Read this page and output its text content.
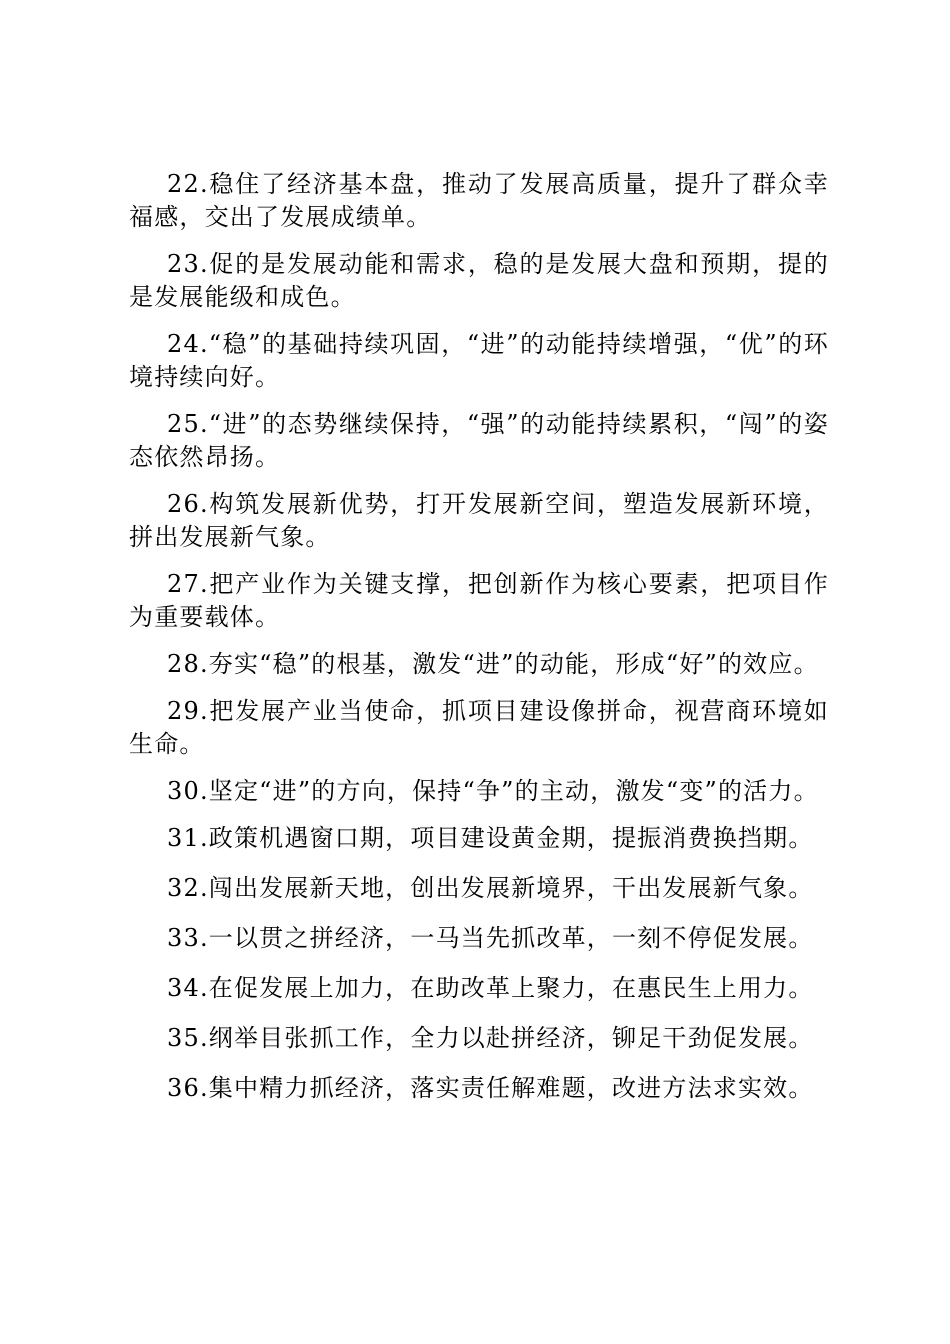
22.稳住了经济基本盘，推动了发展高质量，提升了群众幸福感，交出了发展成绩单。

23.促的是发展动能和需求，稳的是发展大盘和预期，提的是发展能级和成色。

24.“稳”的基础持续巩固，“进”的动能持续增强，“优”的环境持续向好。

25.“进”的态势继续保持，“强”的动能持续累积，“闯”的姿态依然昂扬。

26.构筑发展新优势，打开发展新空间，塑造发展新环境，拼出发展新气象。

27.把产业作为关键支撑，把创新作为核心要素，把项目作为重要载体。

28.夯实“稳”的根基，激发“进”的动能，形成“好”的效应。

29.把发展产业当使命，抓项目建设像拼命，视营商环境如生命。

30.坚定“进”的方向，保持“争”的主动，激发“变”的活力。

31.政策机遇窗口期，项目建设黄金期，提振消费换挡期。

32.闯出发展新天地，创出发展新境界，干出发展新气象。

33.一以贯之拼经济，一马当先抓改革，一刻不停促发展。

34.在促发展上加力，在助改革上聚力，在惠民生上用力。

35.纲举目张抓工作，全力以赴拼经济，铆足干劲促发展。

36.集中精力抓经济，落实责任解难题，改进方法求实效。
